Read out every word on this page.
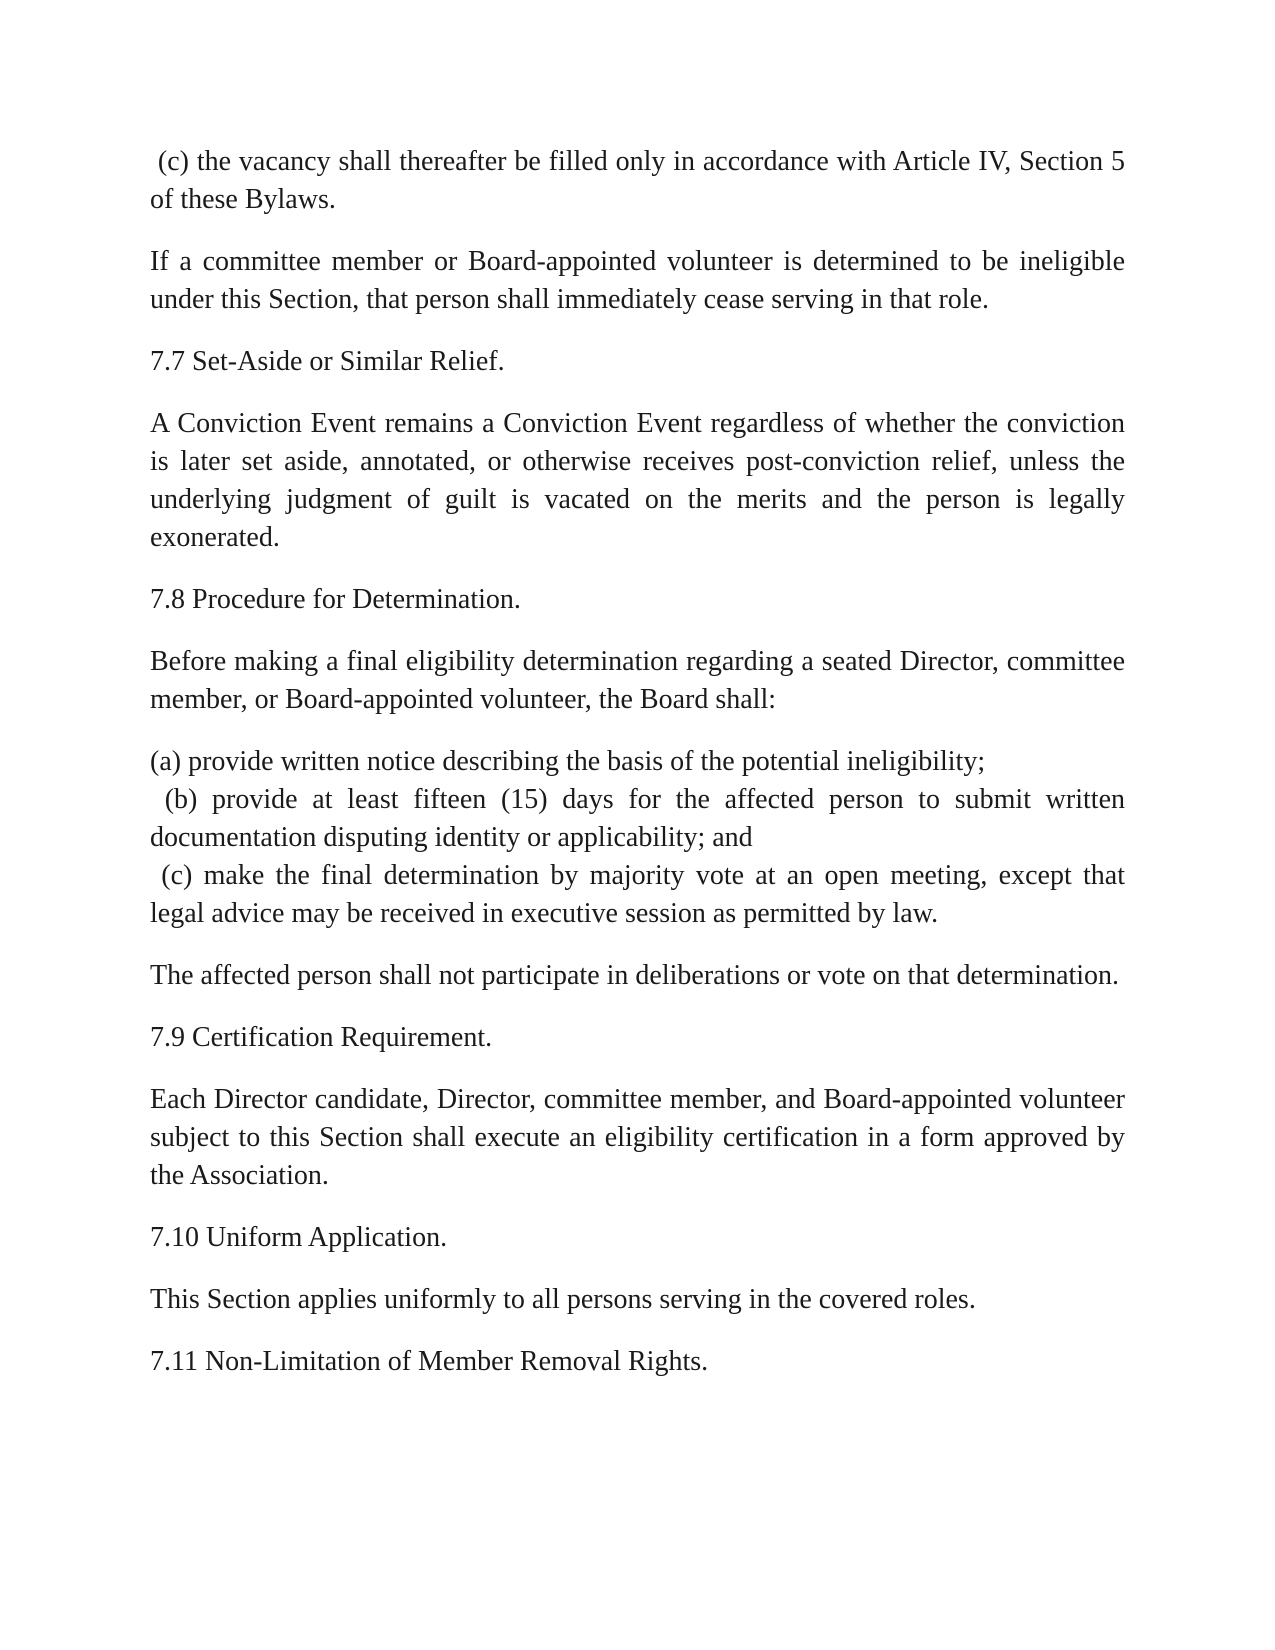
(c) the vacancy shall thereafter be filled only in accordance with Article IV, Section 5 of these Bylaws.

If a committee member or Board-appointed volunteer is determined to be ineligible under this Section, that person shall immediately cease serving in that role.

7.7 Set-Aside or Similar Relief.

A Conviction Event remains a Conviction Event regardless of whether the conviction is later set aside, annotated, or otherwise receives post-conviction relief, unless the underlying judgment of guilt is vacated on the merits and the person is legally exonerated.

7.8 Procedure for Determination.

Before making a final eligibility determination regarding a seated Director, committee member, or Board-appointed volunteer, the Board shall:

(a) provide written notice describing the basis of the potential ineligibility;

(b) provide at least fifteen (15) days for the affected person to submit written documentation disputing identity or applicability; and

(c) make the final determination by majority vote at an open meeting, except that legal advice may be received in executive session as permitted by law.

The affected person shall not participate in deliberations or vote on that determination.

7.9 Certification Requirement.

Each Director candidate, Director, committee member, and Board-appointed volunteer subject to this Section shall execute an eligibility certification in a form approved by the Association.

7.10 Uniform Application.

This Section applies uniformly to all persons serving in the covered roles.

7.11 Non-Limitation of Member Removal Rights.
